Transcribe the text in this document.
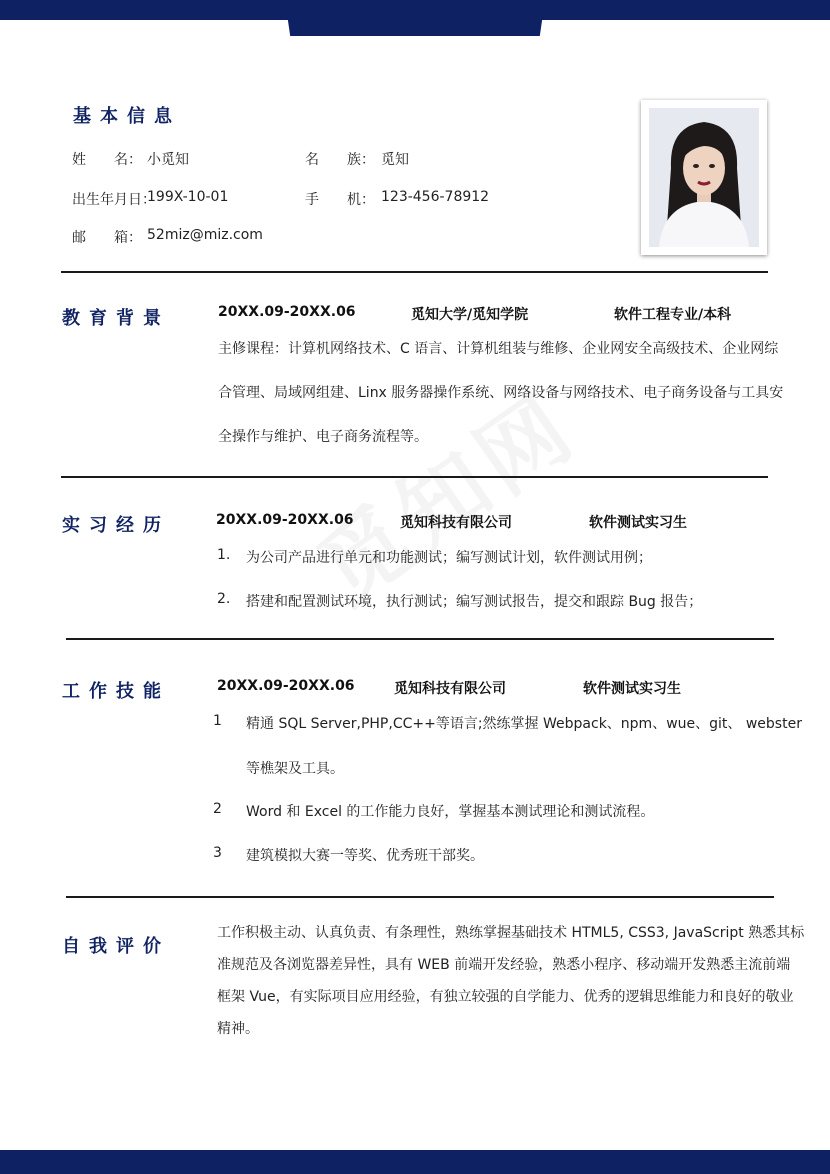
基本信息
姓　　名： 小觅知	名　　族： 觅知
出生年月日：
199X-10-01	手　　机： 123-456-78912
邮　　箱： 52miz@miz.com
教育背景	20XX.09-20XX.06	觅知大学/觅知学院	软件工程专业/本科
主修课程：计算机网络技术、C 语言、计算机组装与维修、企业网安全高级技术、企业网综
合管理、局域网组建、Linx 服务器操作系统、网络设备与网络技术、电子商务设备与工具安
全操作与维护、电子商务流程等。
实习经历	20XX.09-20XX.06	觅知科技有限公司	软件测试实习生
1. 为公司产品进行单元和功能测试；编写测试计划，软件测试用例；
2. 搭建和配置测试环境，执行测试；编写测试报告，提交和跟踪 Bug 报告；
工作技能	20XX.09-20XX.06	觅知科技有限公司	软件测试实习生
1 精通 SQL Server,PHP,CC++等语言;然练掌握 Webpack、npm、wue、git、 webster
等樵架及工具。
2 Word 和 Excel 的工作能力良好，掌握基本测试理论和测试流程。
3 建筑模拟大赛一等奖、优秀班干部奖。
自我评价
工作积极主动、认真负责、有条理性，熟练掌握基础技术 HTML5, CSS3, JavaScript 熟悉其标
准规范及各浏览器差异性，具有 WEB 前端开发经验，熟悉小程序、移动端开发熟悉主流前端
框架 Vue，有实际项目应用经验，有独立较强的自学能力、优秀的逻辑思维能力和良好的敬业
精神。
